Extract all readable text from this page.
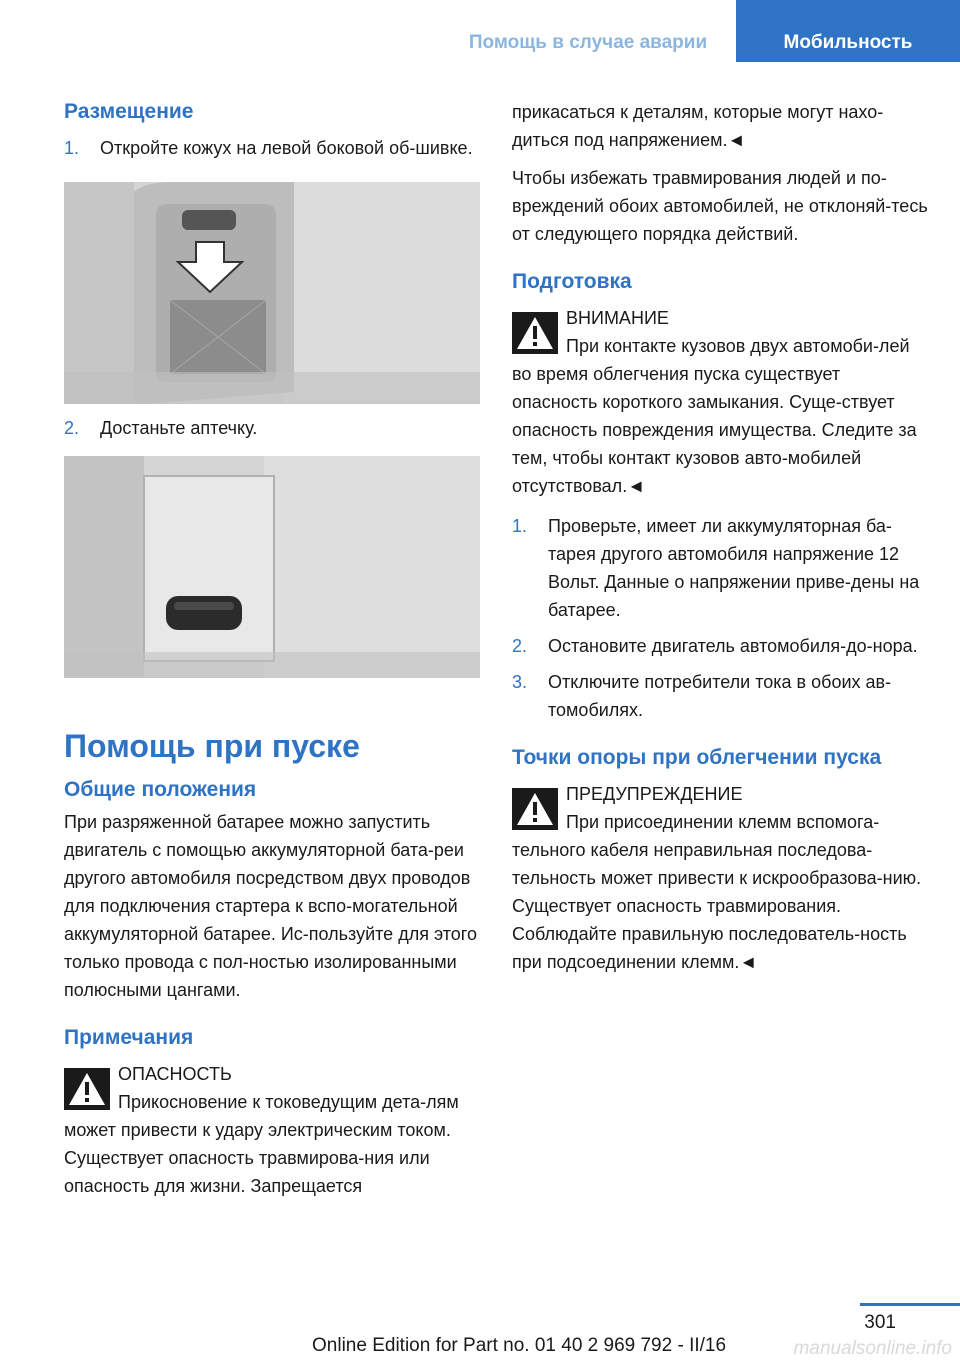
Помощь в случае аварии	Мобильность
Размещение
1.	Откройте кожух на левой боковой об-шивке.
2.	Достаньте аптечку.
Помощь при пуске
Общие положения
При разряженной батарее можно запустить двигатель с помощью аккумуляторной бата-реи другого автомобиля посредством двух проводов для подключения стартера к вспо-могательной аккумуляторной батарее. Ис-пользуйте для этого только провода с пол-ностью изолированными полюсными цангами.
Примечания
ОПАСНОСТЬ
Прикосновение к токоведущим дета-лям может привести к удару электрическим током. Существует опасность травмирова-ния или опасность для жизни. Запрещается
прикасаться к деталям, которые могут нахо-диться под напряжением.◄
Чтобы избежать травмирования людей и по-вреждений обоих автомобилей, не отклоняй-тесь от следующего порядка действий.
Подготовка
ВНИМАНИЕ
При контакте кузовов двух автомоби-лей во время облегчения пуска существует опасность короткого замыкания. Суще-ствует опасность повреждения имущества. Следите за тем, чтобы контакт кузовов авто-мобилей отсутствовал.◄
1.	Проверьте, имеет ли аккумуляторная ба-тарея другого автомобиля напряжение 12 Вольт. Данные о напряжении приве-дены на батарее.
2.	Остановите двигатель автомобиля-до-нора.
3.	Отключите потребители тока в обоих ав-томобилях.
Точки опоры при облегчении пуска
ПРЕДУПРЕЖДЕНИЕ
При присоединении клемм вспомога-тельного кабеля неправильная последова-тельность может привести к искрообразова-нию. Существует опасность травмирования. Соблюдайте правильную последователь-ность при подсоединении клемм.◄
301
Online Edition for Part no. 01 40 2 969 792 - II/16	manualsonline.info
